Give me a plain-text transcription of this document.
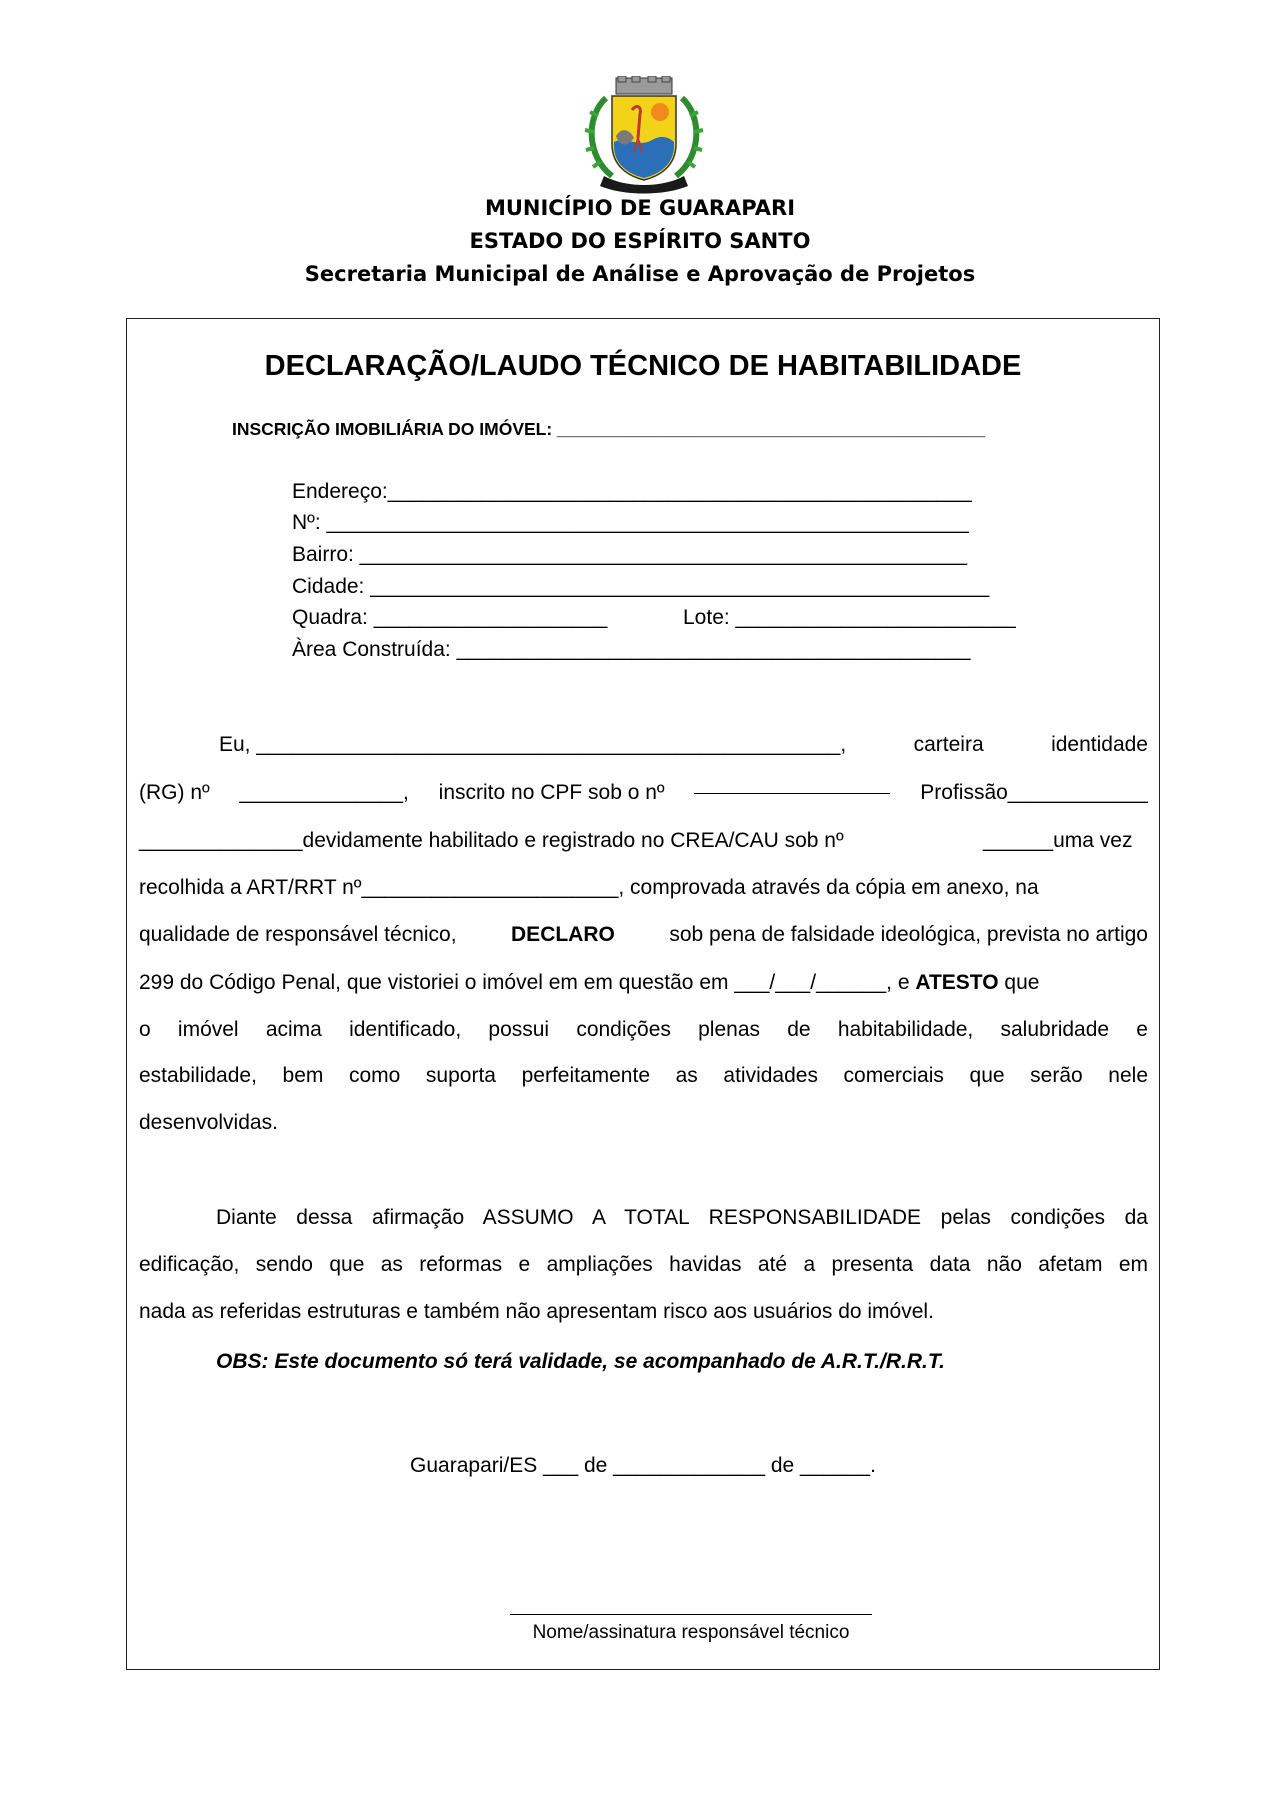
MUNICÍPIO DE GUARAPARI
ESTADO DO ESPÍRITO SANTO
Secretaria Municipal de Análise e Aprovação de Projetos
DECLARAÇÃO/LAUDO TÉCNICO DE HABITABILIDADE
INSCRIÇÃO IMOBILIÁRIA DO IMÓVEL: ____________________________________________
Endereço:__________________________________________________
Nº: _______________________________________________________
Bairro: ____________________________________________________
Cidade: _____________________________________________________
Quadra: ____________________	Lote: ________________________
Àrea Construída: ____________________________________________
Eu, __________________________________________________,	carteira	identidade
(RG) nº ______________, inscrito no CPF sob o nº	Profissão____________
______________devidamente habilitado e registrado no CREA/CAU sob nº	______uma vez
recolhida a ART/RRT nº______________________, comprovada através da cópia em anexo, na
qualidade de responsável técnico,	DECLARO	sob pena de falsidade ideológica, prevista no artigo
299 do Código Penal, que vistoriei o imóvel em em questão em ___/___/______, e ATESTO que
o imóvel acima identificado, possui condições plenas de habitabilidade, salubridade e
estabilidade, bem como suporta perfeitamente as atividades comerciais que serão nele
desenvolvidas.
Diante dessa afirmação ASSUMO A TOTAL RESPONSABILIDADE pelas condições da
edificação, sendo que as reformas e ampliações havidas até a presenta data não afetam em
nada as referidas estruturas e também não apresentam risco aos usuários do imóvel.
OBS: Este documento só terá validade, se acompanhado de A.R.T./R.R.T.
Guarapari/ES ___ de _____________ de ______.
Nome/assinatura responsável técnico
